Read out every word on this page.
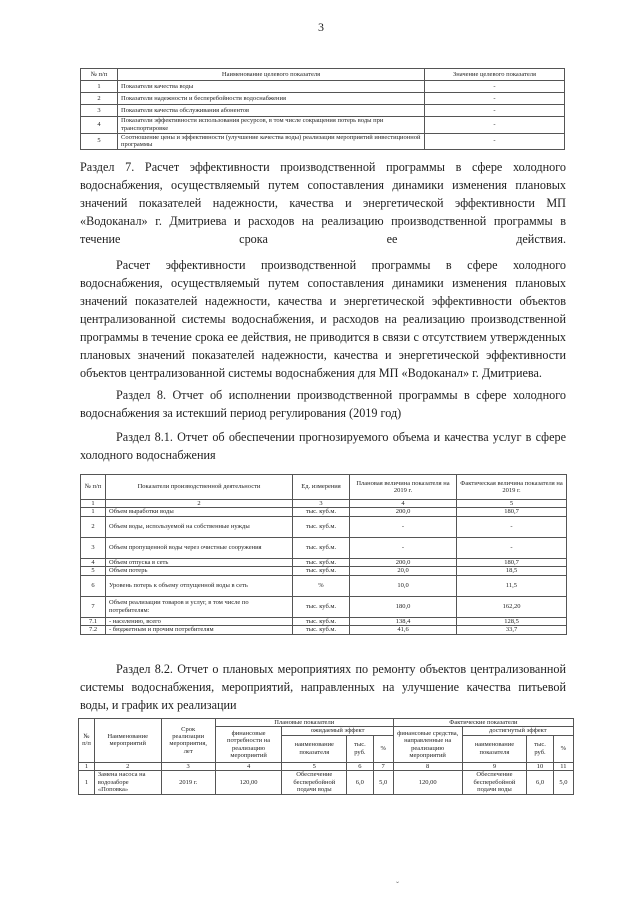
3
№ п/п	Наименование целевого показателя	Значение целевого показателя
1	Показатели качества воды	-
2	Показатели надежности и бесперебойности водоснабжения	-
3	Показатели качества обслуживания абонентов	-
4	Показатели эффективности использования ресурсов, в том числе сокращения потерь воды при транспортировке	-
5	Соотношение цены и эффективности (улучшение качества воды) реализации мероприятий инвестиционной программы	-

Раздел 7. Расчет эффективности производственной программы в сфере холодного водоснабжения, осуществляемый путем сопоставления динамики изменения плановых значений показателей надежности, качества и энергетической эффективности МП «Водоканал» г. Дмитриева и расходов на реализацию производственной программы в течение срока ее действия.

Расчет эффективности производственной программы в сфере холодного водоснабжения, осуществляемый путем сопоставления динамики изменения плановых значений показателей надежности, качества и энергетической эффективности объектов централизованной системы водоснабжения, и расходов на реализацию производственной программы в течение срока ее действия, не приводится в связи с отсутствием утвержденных плановых значений показателей надежности, качества и энергетической эффективности объектов централизованной системы водоснабжения для МП «Водоканал» г. Дмитриева.

Раздел 8. Отчет об исполнении производственной программы в сфере холодного водоснабжения за истекший период регулирования (2019 год)

Раздел 8.1. Отчет об обеспечении прогнозируемого объема и качества услуг в сфере холодного водоснабжения

№ п/п	Показатели производственной деятельности	Ед. измерения	Плановая величина показателя на 2019 г.	Фактическая величина показателя на 2019 г.
1	2	3	4	5
1	Объем выработки воды	тыс. куб.м.	200,0	180,7
2	Объем воды, используемой на собственные нужды	тыс. куб.м.	-	-
3	Объем пропущенной воды через очистные сооружения	тыс. куб.м.	-	-
4	Объем отпуска в сеть	тыс. куб.м.	200,0	180,7
5	Объем потерь	тыс. куб.м.	20,0	18,5
6	Уровень потерь к объему отпущенной воды в сеть	%	10,0	11,5
7	Объем реализации товаров и услуг, в том числе по потребителям:	тыс. куб.м.	180,0	162,20
7.1	- населению, всего	тыс. куб.м.	138,4	128,5
7.2	- бюджетным и прочим потребителям	тыс. куб.м.	41,6	33,7

Раздел 8.2. Отчет о плановых мероприятиях по ремонту объектов централизованной системы водоснабжения, мероприятий, направленных на улучшение качества питьевой воды, и график их реализации

№ п/п	Наименование мероприятий	Срок реализации мероприятия, лет	Плановые показатели				Фактические показатели			
			финансовые потребности на реализацию мероприятий	ожидаемый эффект			финансовые средства, направленные на реализацию мероприятий	достигнутый эффект		
				наименование показателя	тыс. руб.	%		наименование показателя	тыс. руб.	%
1	2	3	4	5	6	7	8	9	10	11
1	Замена насоса на водозаборе «Поповка»	2019 г.	120,00	Обеспечение бесперебойной подачи воды	6,0	5,0	120,00	Обеспечение бесперебойной подачи воды	6,0	5,0
ˇ
